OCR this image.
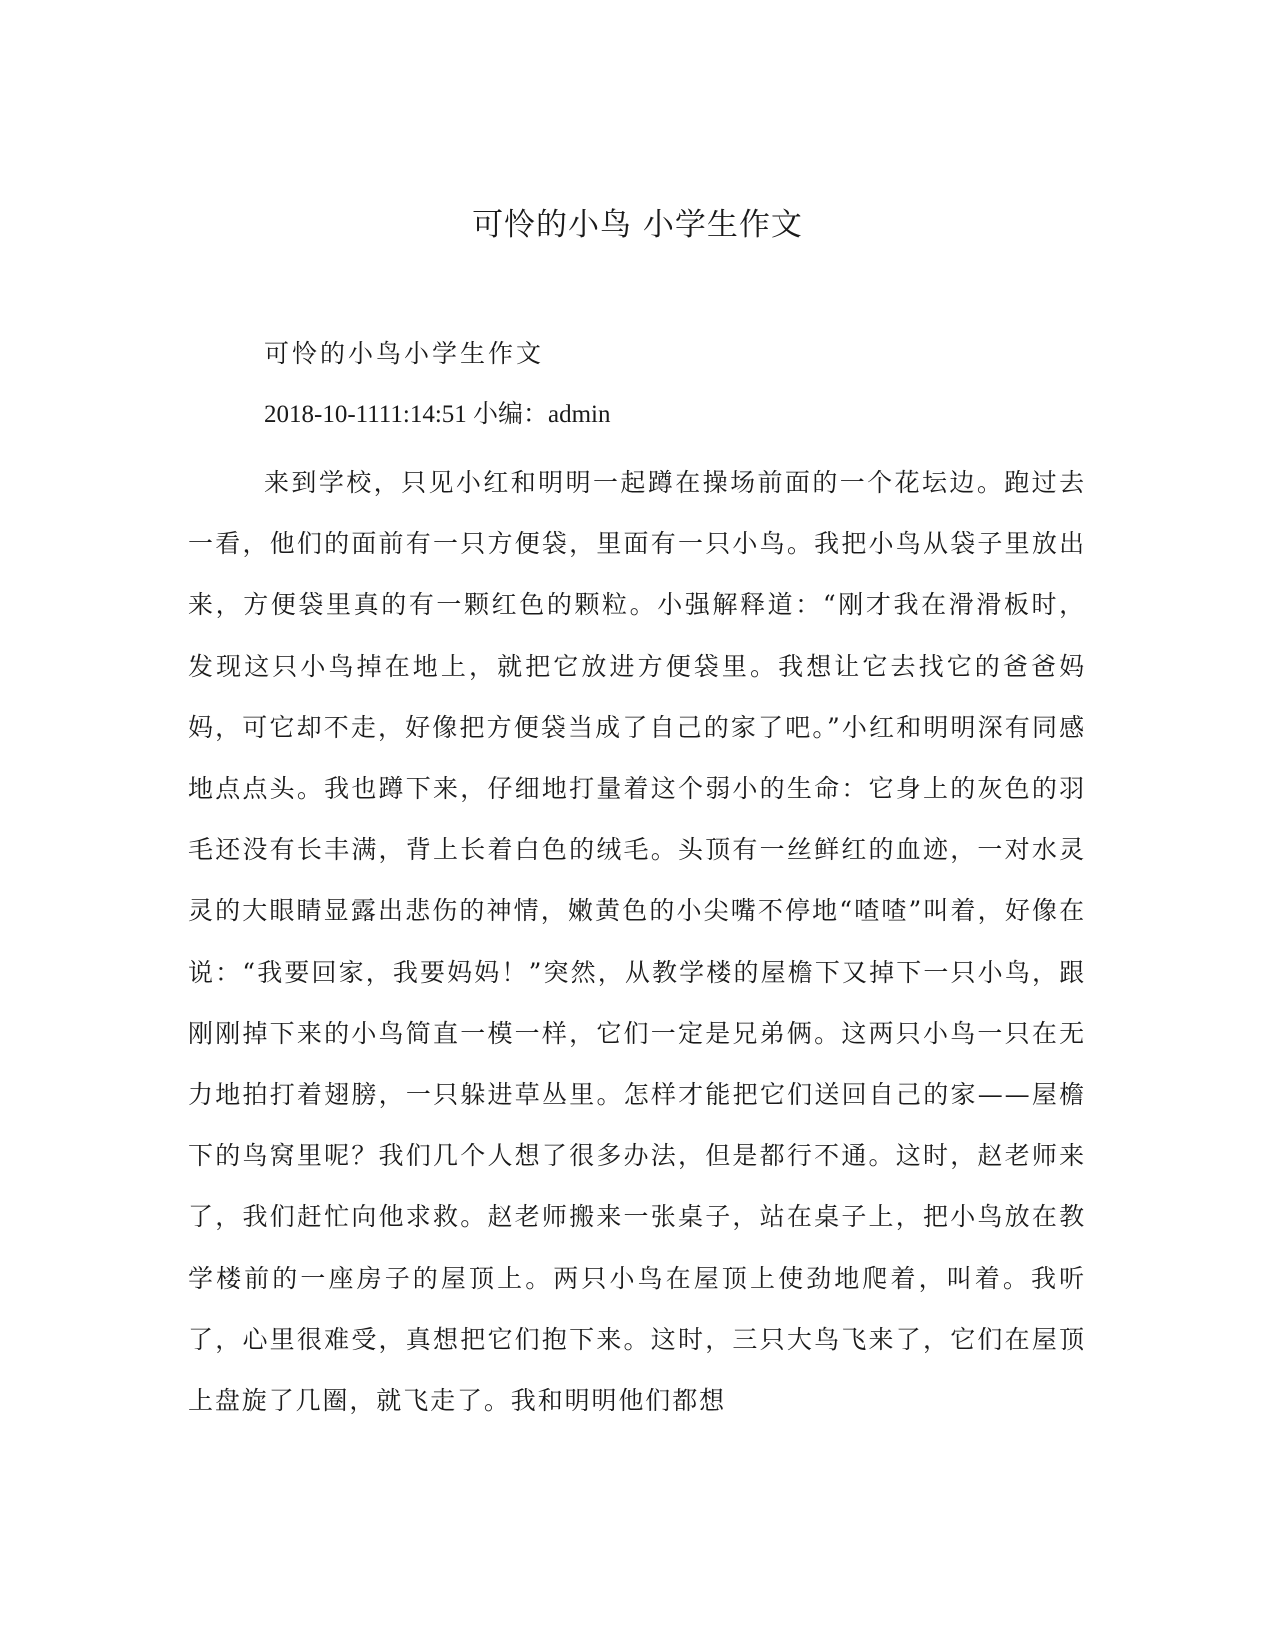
可怜的小鸟 小学生作文
可怜的小鸟小学生作文
2018-10-1111:14:51 小编：admin

来到学校，只见小红和明明一起蹲在操场前面的一个花坛边。跑过去一看，他们的面前有一只方便袋，里面有一只小鸟。我把小鸟从袋子里放出来，方便袋里真的有一颗红色的颗粒。小强解释道：“刚才我在滑滑板时，发现这只小鸟掉在地上，就把它放进方便袋里。我想让它去找它的爸爸妈妈，可它却不走，好像把方便袋当成了自己的家了吧。”小红和明明深有同感地点点头。我也蹲下来，仔细地打量着这个弱小的生命：它身上的灰色的羽毛还没有长丰满，背上长着白色的绒毛。头顶有一丝鲜红的血迹，一对水灵灵的大眼睛显露出悲伤的神情，嫩黄色的小尖嘴不停地“喳喳”叫着，好像在说：“我要回家，我要妈妈！”突然，从教学楼的屋檐下又掉下一只小鸟，跟刚刚掉下来的小鸟简直一模一样，它们一定是兄弟俩。这两只小鸟一只在无力地拍打着翅膀，一只躲进草丛里。怎样才能把它们送回自己的家——屋檐下的鸟窝里呢？我们几个人想了很多办法，但是都行不通。这时，赵老师来了，我们赶忙向他求救。赵老师搬来一张桌子，站在桌子上，把小鸟放在教学楼前的一座房子的屋顶上。两只小鸟在屋顶上使劲地爬着，叫着。我听了，心里很难受，真想把它们抱下来。这时，三只大鸟飞来了，它们在屋顶上盘旋了几圈，就飞走了。我和明明他们都想
